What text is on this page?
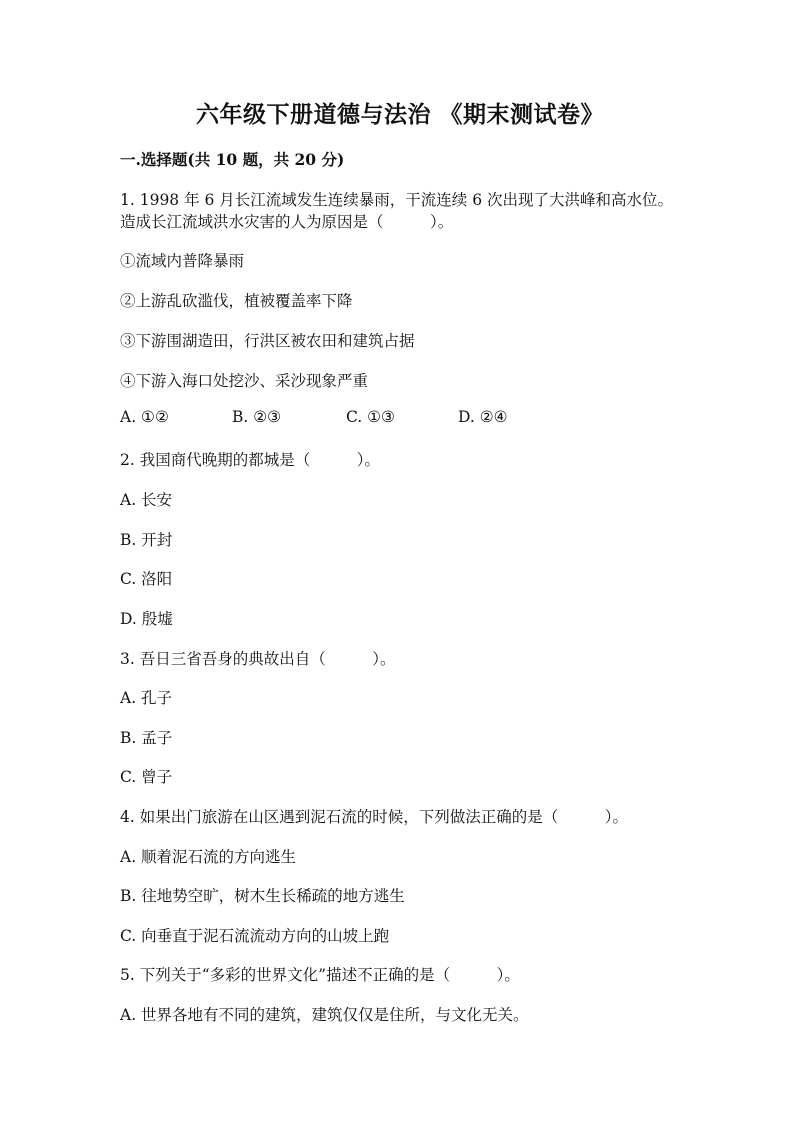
六年级下册道德与法治 《期末测试卷》
一.选择题(共 10 题，共 20 分)
1. 1998 年 6 月长江流域发生连续暴雨，干流连续 6 次出现了大洪峰和高水位。
造成长江流域洪水灾害的人为原因是（　　　）。
①流域内普降暴雨
②上游乱砍滥伐，植被覆盖率下降
③下游围湖造田，行洪区被农田和建筑占据
④下游入海口处挖沙、采沙现象严重
A. ①②	B. ②③	C. ①③	D. ②④
2. 我国商代晚期的都城是（　　　）。
A. 长安
B. 开封
C. 洛阳
D. 殷墟
3. 吾日三省吾身的典故出自（　　　）。
A. 孔子
B. 孟子
C. 曾子
4. 如果出门旅游在山区遇到泥石流的时候，下列做法正确的是（　　　）。
A. 顺着泥石流的方向逃生
B. 往地势空旷，树木生长稀疏的地方逃生
C. 向垂直于泥石流流动方向的山坡上跑
5. 下列关于“多彩的世界文化”描述不正确的是（　　　）。
A. 世界各地有不同的建筑，建筑仅仅是住所，与文化无关。
